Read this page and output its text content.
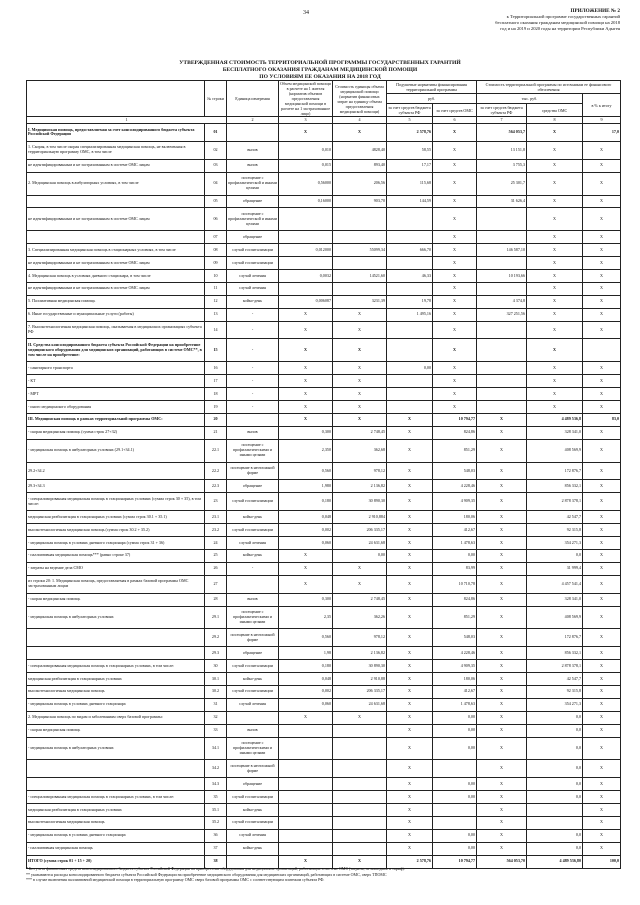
34	ПРИЛОЖЕНИЕ № 2
к Территориальной программе государственных гарантий
бесплатного оказания гражданам медицинской помощи на 2018
год и на 2019 и 2020 годы на территории Республики Адыгея
УТВЕРЖДЕННАЯ СТОИМОСТЬ ТЕРРИТОРИАЛЬНОЙ ПРОГРАММЫ ГОСУДАРСТВЕННЫХ ГАРАНТИЙ
БЕСПЛАТНОГО ОКАЗАНИЯ ГРАЖДАНАМ МЕДИЦИНСКОЙ ПОМОЩИ
ПО УСЛОВИЯМ ЕЕ ОКАЗАНИЯ НА 2018 ГОД
	№ строки	Единица измерения	Объем медицинской помощи в расчете на 1 жителя (норматив объемов предоставления медицинской помощи в расчете на 1 застрахованное лицо)	Стоимость единицы объема медицинской помощи (норматив финансовых затрат на единицу объема предоставления медицинской помощи)	Подушевые нормативы финансирования территориальной программы		Стоимость территориальной программы по источникам ее финансового обеспечения		
					руб.		тыс. руб.		в % к итогу
					за счет средств бюджета субъекта РФ	за счет средств ОМС	за счет средств бюджета субъекта РФ	средства ОМС	
1		2	3	4	5	6	7	8	9
I. Медицинская помощь, предоставляемая за счет консолидированного бюджета субъекта Российской Федерации	01		X	X	2 578,76	X	564 053,7	X	17,0
1. Скорая, в том числе скорая специализированная медицинская помощь, не включенная в территориальную программу ОМС, в том числе	02	вызов	0,010	4828,40	58,55	X	13 151,8	X	X
не идентифицированным и не застрахованным в системе ОМС лицам	03	вызов	0,015	893,40	17,17	X	3 755,3	X	X
2. Медицинская помощь в амбулаторных условиях, в том числе	04	посещение с профилактической и иными целями	0,56000	206,56	115,68	X	25 301,7	X	X
	05	обращение	0,16000	903,70	144,59	X	31 626,4	X	X
не идентифицированным и не застрахованным в системе ОМС лицам	06	посещение с профилактической и иными целями				X		X	X
	07	обращение				X		X	X
3. Специализированная медицинская помощь в стационарных условиях, в том числе	08	случай госпитализации	0,012000	55099,34	666,70	X	146 587,10	X	X
не идентифицированным и не застрахованным в системе ОМС лицам	09	случай госпитализации				X		X	X
4. Медицинская помощь в условиях дневного стационара, в том числе	10	случай лечения	0,0032	14521,60	46,33	X	10 193,66	X	X
не идентифицированным и не застрахованным в системе ОМС лицам	11	случай лечения				X		X	X
5. Паллиативная медицинская помощь	12	койко-день	0,006087	3231,39	19,78	X	4 374,8	X	X
6. Иные государственные и муниципальные услуги (работы)	13	-	X	X	1 495,16	X	327 251,56	X	X
7. Высокотехнологичная медицинская помощь, оказываемая в медицинских организациях субъекта РФ	14	-	X	X		X		X	X
II. Средства консолидированного бюджета субъекта Российской Федерации на приобретение медицинского оборудования для медицинских организаций, работающих в системе ОМС**, в том числе на приобретение:	15	-	X	X		X		X	
- санитарного транспорта	16	-	X	X	0,00	X		X	X
- КТ	17	-	X	X		X		X	X
- МРТ	18	-	X	X		X		X	X
- иного медицинского оборудования	19	-	X	X		X		X	X
III. Медицинская помощь в рамках территориальной программы ОМС:	20		X	X	X	10 794,77	X	4 489 536,8	83,0
- скорая медицинская помощь (сумма строк 27+32)	21	вызов	0,300	2 748,45	X	824,86	X	328 341,0	X
- медицинская помощь в амбулаторных условиях (29.1+34.1)	22.1	посещение с профилактическими и иными целями	2,350	362,68	X	851,29	X	408 569,9	X
29.2+34.2	22.2	посещение в неотложной форме	0,560	978,12	X	548,03	X	172 876,7	X
29.3+34.3	22.3	обращение	1,980	2 136,82	X	4 228,46	X	856 332,1	X
- специализированная медицинская помощь в стационарных условиях (сумма строк 30 + 35), в том числе:	23	случай госпитализации	0,180	30 890,30	X	4 909,35	X	2 878 378,1	X
медицинская реабилитация в стационарных условиях (сумма строк 30.1 + 35.1)	23.1	койко-день	0,048	2 910,884	X	180,06	X	42 547,7	X
высокотехнологичная медицинская помощь (сумма строк 30.2 + 35.2)	23.2	случай госпитализации	0,002	206 335,17	X	412,67	X	92 315,8	X
- медицинская помощь в условиях дневного стационара (сумма строк 31 + 36)	24	случай лечения	0,060	24 631,68	X	1 478,63	X	354 271,3	X
- паллиативная медицинская помощь*** (равно строке 37)	25	койко-день	X	0,00	X	0,00	X	0,0	X
- затраты на ведение дела СМО	26	-	X	X	X	83,99	X	31 999,4	X
из строки 20: 1. Медицинская помощь, предоставляемая в рамках базовой программы ОМС застрахованным лицам	27		X	X	X	10 710,78	X	4 457 541,4	X
- скорая медицинская помощь	28	вызов	0,300	2 748,45	X	824,86	X	328 341,0	X
- медицинская помощь в амбулаторных условиях	29.1	посещение с профилактическими и иными целями	2,35	362,26	X	851,29	X	408 569,9	X
	29.2	посещение в неотложной форме	0,560	978,12	X	548,03	X	172 876,7	X
	29.3	обращение	1,98	2 136,82	X	4 228,46	X	856 332,1	X
- специализированная медицинская помощь в стационарных условиях, в том числе:	30	случай госпитализации	0,180	30 890,30	X	4 909,35	X	2 878 378,1	X
медицинская реабилитация в стационарных условиях	30.1	койко-день	0,048	2 910,88	X	180,06	X	42 547,7	X
высокотехнологичная медицинская помощь	30.2	случай госпитализации	0,002	206 335,17	X	412,67	X	92 315,8	X
- медицинская помощь в условиях дневного стационара	31	случай лечения	0,060	24 631,68	X	1 478,63	X	354 271,3	X
2. Медицинская помощь по видам и заболеваниям сверх базовой программы:	32		X	X	X	0,00	X	0,0	X
- скорая медицинская помощь	33	вызов			X	0,00	X	0,0	X
- медицинская помощь в амбулаторных условиях	34.1	посещение с профилактическими и иными целями			X	0,00	X	0,0	X
	34.2	посещение в неотложной форме			X		X	0,0	X
	34.3	обращение			X	0,00	X	0,0	X
- специализированная медицинская помощь в стационарных условиях, в том числе:	35	случай госпитализации			X	0,00	X	0,0	X
медицинская реабилитация в стационарных условиях	35.1	койко-день			X		X		X
высокотехнологичная медицинская помощь	35.2	случай госпитализации			X		X		X
- медицинская помощь в условиях дневного стационара	36	случай лечения			X	0,00	X	0,0	X
- паллиативная медицинская помощь	37	койко-день			X	0,00	X	0,0	X
ИТОГО (сумма строк 01 + 15 + 20)	38		X	X	2 578,76	10 794,77	564 053,70	4 489 536,80	100,0
* Без учета финансовых средств консолидированного бюджета субъекта Российской Федерации на приобретение оборудования для медицинских организаций, работающих в системе ОМС (затраты, не вошедшие в тариф).
** указываются расходы консолидированного бюджета субъекта Российской Федерации на приобретение медицинского оборудования для медицинских организаций, работающих в системе ОМС, сверх ТПОМС
*** в случае включения паллиативной медицинской помощи в территориальную программу ОМС сверх базовой программы ОМС с соответствующим платежом субъекта РФ.
